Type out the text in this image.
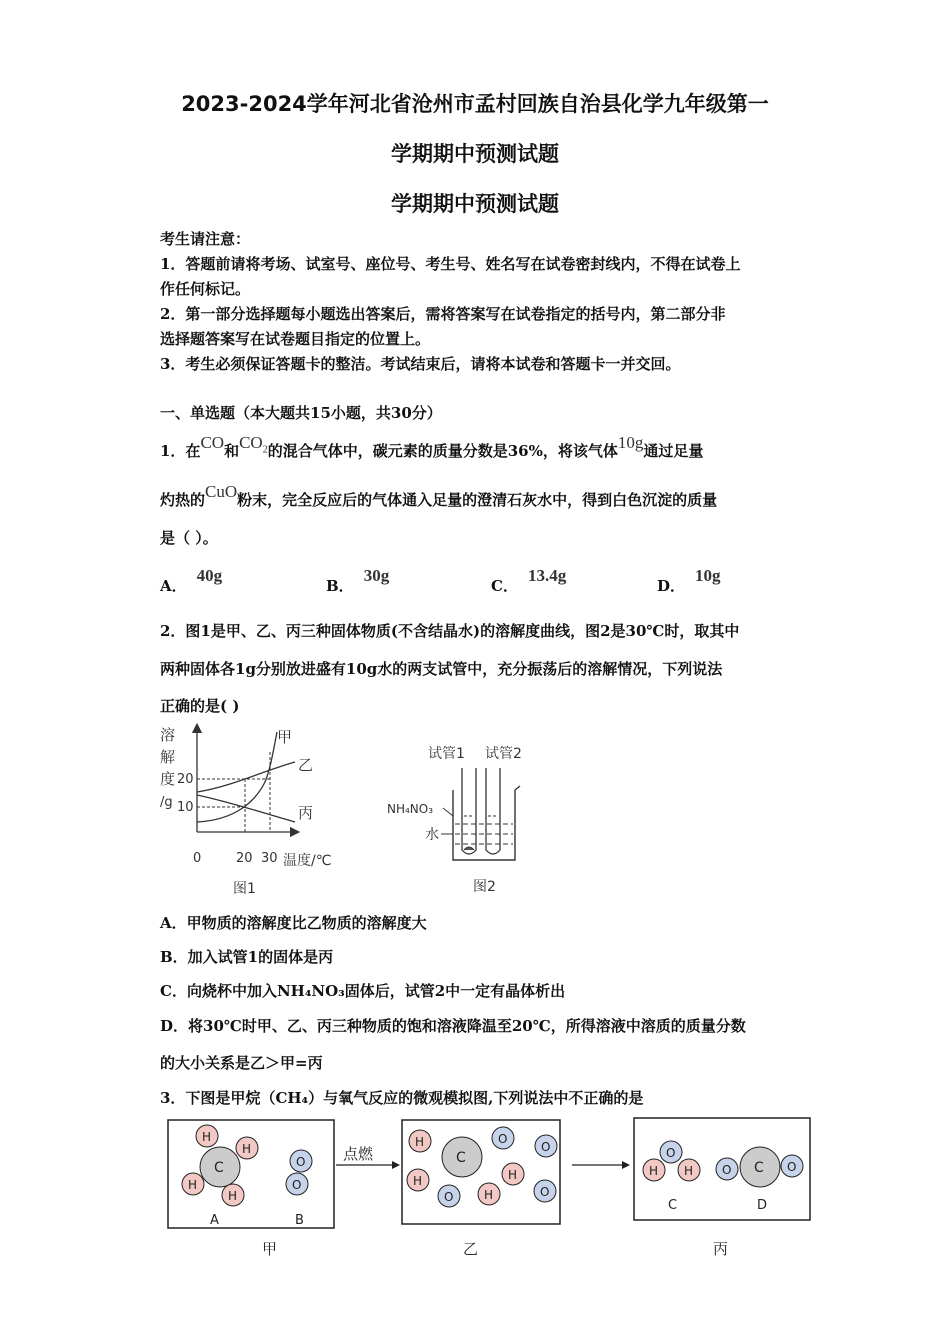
2023-2024学年河北省沧州市孟村回族自治县化学九年级第一
学期期中预测试题
学期期中预测试题
考生请注意：
1．答题前请将考场、试室号、座位号、考生号、姓名写在试卷密封线内，不得在试卷上
作任何标记。
2．第一部分选择题每小题选出答案后，需将答案写在试卷指定的括号内，第二部分非
选择题答案写在试卷题目指定的位置上。
3．考生必须保证答题卡的整洁。考试结束后，请将本试卷和答题卡一并交回。
一、单选题（本大题共15小题，共30分）
1．在CO和$CO_2$的混合气体中，碳元素的质量分数是36%，将该气体10g通过足量
灼热的CuO粉末，完全反应后的气体通入足量的澄清石灰水中，得到白色沉淀的质量
是（ ）。
A．40g
B．30g
C．13.4g
D．10g
2．图1是甲、乙、丙三种固体物质(不含结晶水)的溶解度曲线，图2是30℃时，取其中
两种固体各1g分别放进盛有10g水的两支试管中，充分振荡后的溶解情况，下列说法
正确的是( )
溶
解
度
/g
20
10
0	20 30 温度/℃
甲
乙
丙
图1
试管1 试管2
NH₄NO₃
水
图2
A．甲物质的溶解度比乙物质的溶解度大
B．加入试管1的固体是丙
C．向烧杯中加入NH₄NO₃固体后，试管2中一定有晶体析出
D．将30℃时甲、乙、丙三种物质的饱和溶液降温至20℃，所得溶液中溶质的质量分数
的大小关系是乙＞甲=丙
3．下图是甲烷（CH₄）与氧气反应的微观模拟图,下列说法中不正确的是
C
H
H
H
H
O
O
A	B
点燃	C
H
H	H
H
O
O
O	O
O
H H	C
O	O
C	D
甲	乙	丙
